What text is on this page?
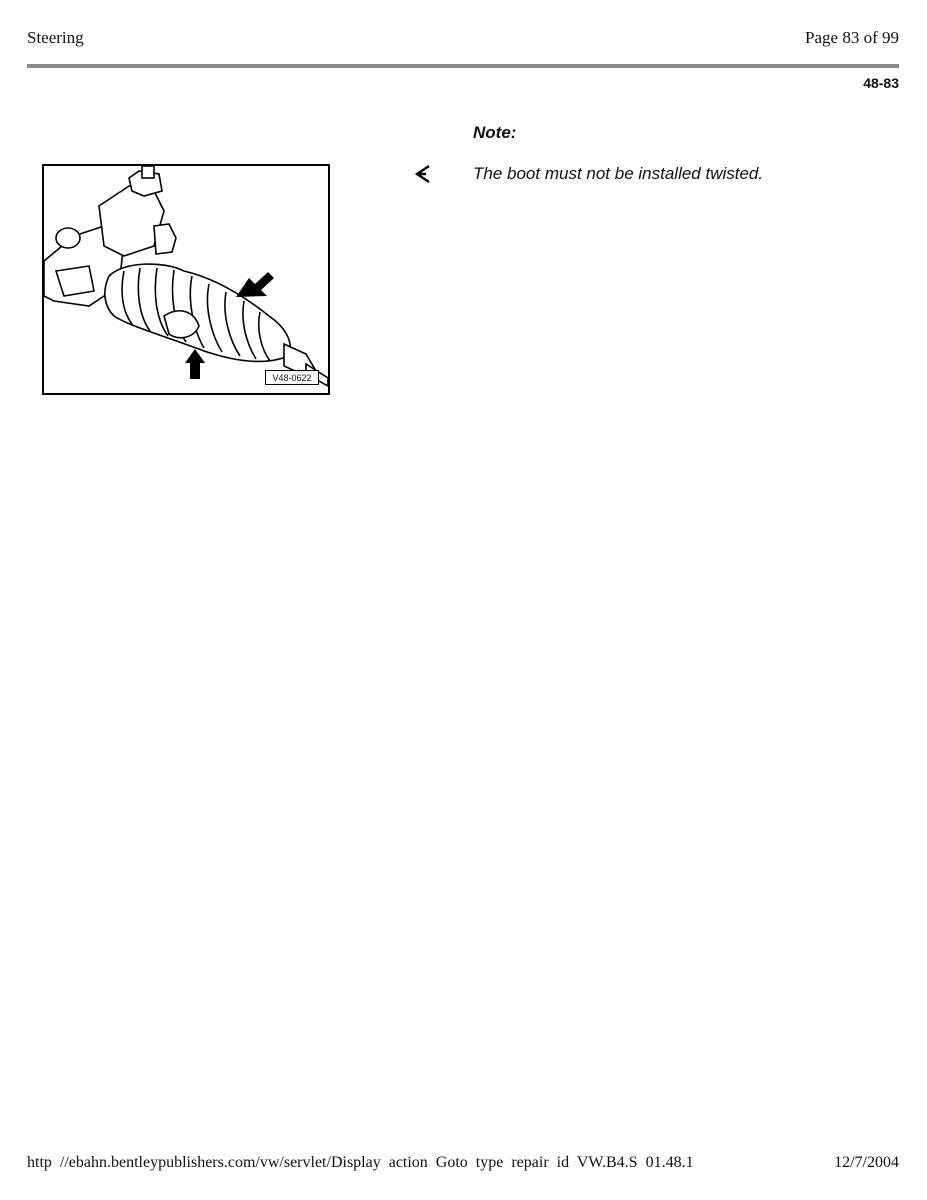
Steering	Page 83 of 99
48-83
Note:
The boot must not be installed twisted.
V48-0622
http //ebahn.bentleypublishers.com/vw/servlet/Display action Goto type repair id VW.B4.S 01.48.1	12/7/2004
